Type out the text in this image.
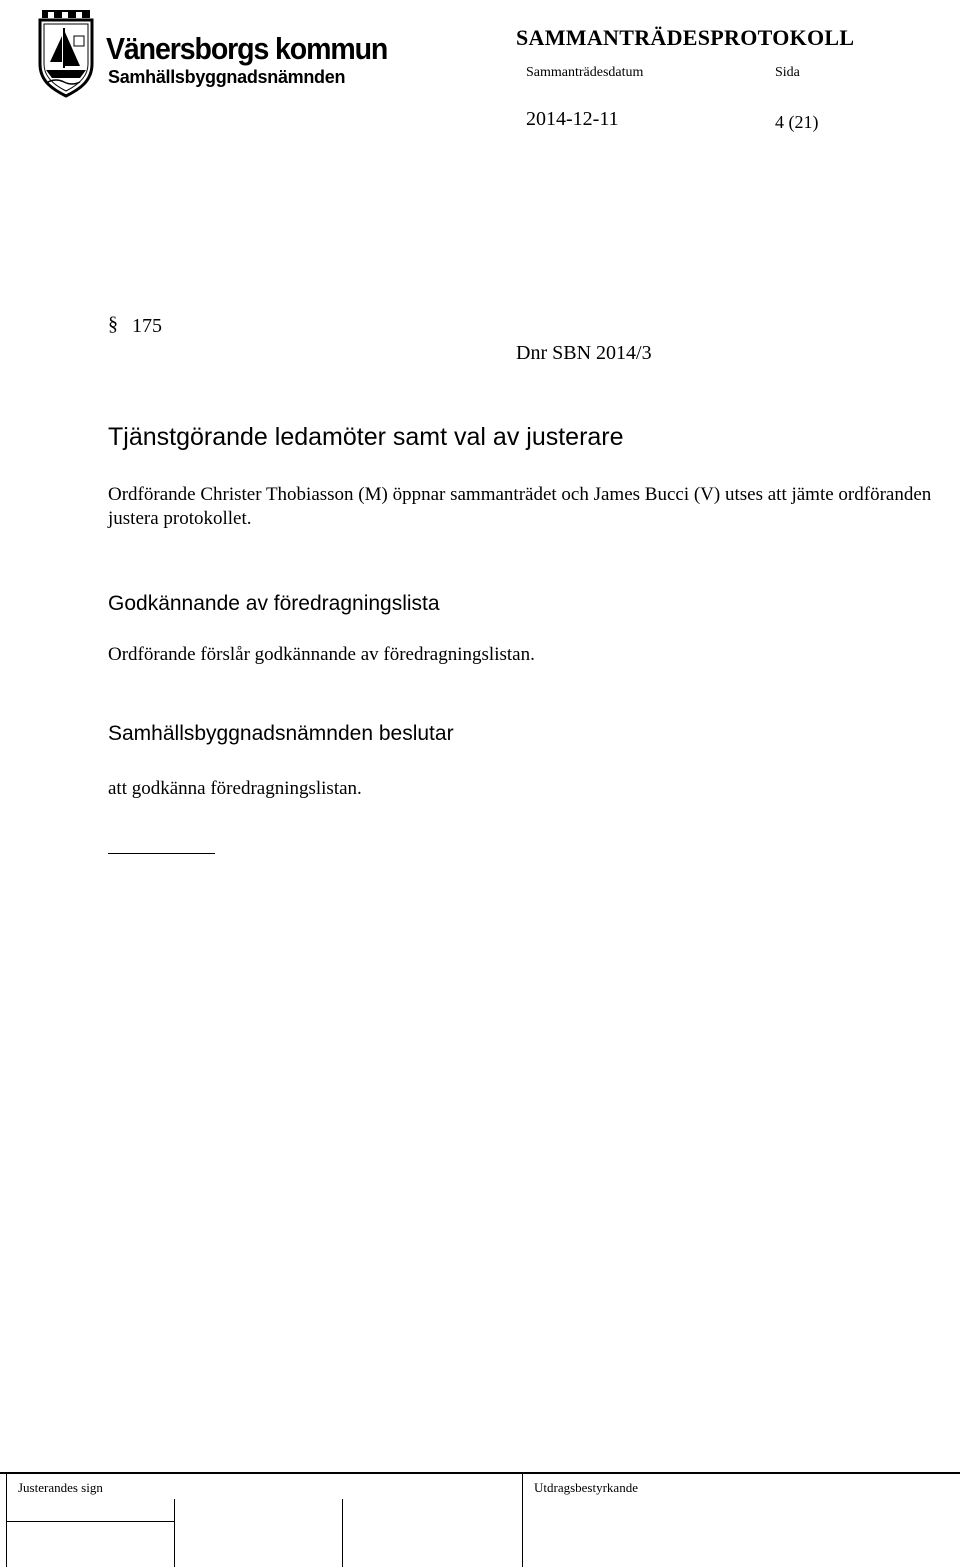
Vänersborgs kommun
Samhällsbyggnadsnämnden
SAMMANTRÄDESPROTOKOLL
Sammanträdesdatum	Sida
2014-12-11	4 (21)
§ 175
Dnr SBN 2014/3
Tjänstgörande ledamöter samt val av justerare
Ordförande Christer Thobiasson (M) öppnar sammanträdet och James Bucci (V) utses att jämte ordföranden justera protokollet.
Godkännande av föredragningslista
Ordförande förslår godkännande av föredragningslistan.
Samhällsbyggnadsnämnden beslutar
att godkänna föredragningslistan.
Justerandes sign	Utdragsbestyrkande
